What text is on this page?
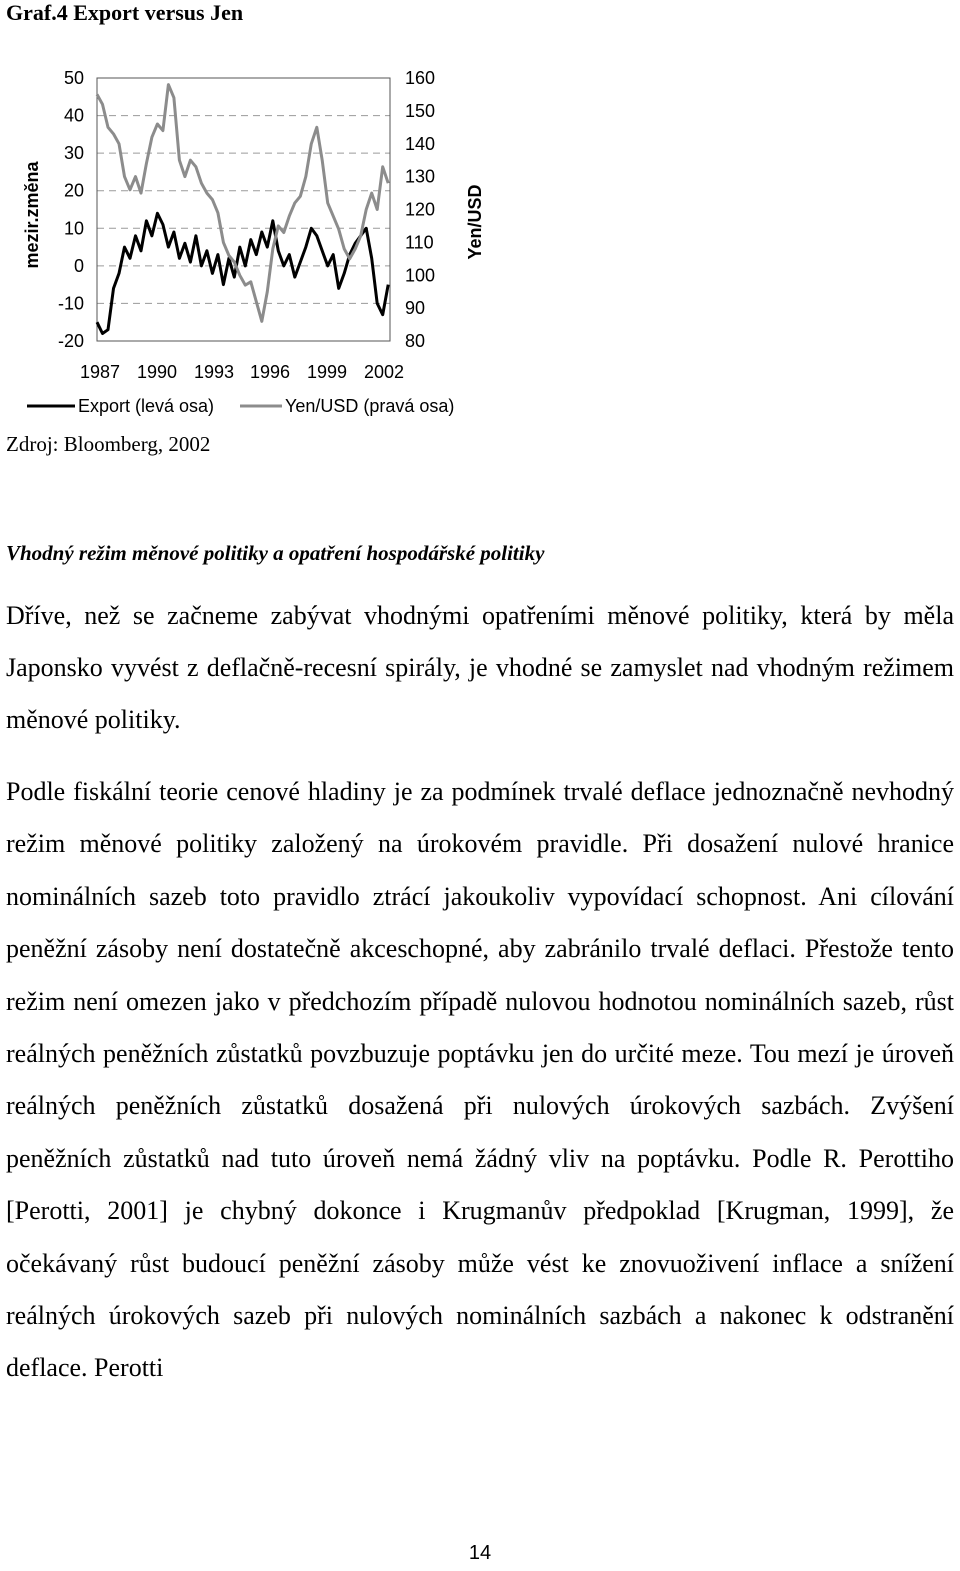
Graf.4 Export versus Jen
50
40
30
20
10
0
-10
-20
160
150
140
130
120
110
100
90
80
1987 1990 1993 1996 1999 2002
mezir.změna	Yen/USD
Export (levá osa)	Yen/USD (pravá osa)
Zdroj: Bloomberg, 2002
Vhodný režim měnové politiky a opatření hospodářské politiky
Dříve, než se začneme zabývat vhodnými opatřeními měnové politiky, která by měla Japonsko vyvést z deflačně-recesní spirály, je vhodné se zamyslet nad vhodným režimem měnové politiky.
Podle fiskální teorie cenové hladiny je za podmínek trvalé deflace jednoznačně nevhodný režim měnové politiky založený na úrokovém pravidle. Při dosažení nulové hranice nominálních sazeb toto pravidlo ztrácí jakoukoliv vypovídací schopnost. Ani cílování peněžní zásoby není dostatečně akceschopné, aby zabránilo trvalé deflaci. Přestože tento režim není omezen jako v předchozím případě nulovou hodnotou nominálních sazeb, růst reálných peněžních zůstatků povzbuzuje poptávku jen do určité meze. Tou mezí je úroveň reálných peněžních zůstatků dosažená při nulových úrokových sazbách. Zvýšení peněžních zůstatků nad tuto úroveň nemá žádný vliv na poptávku. Podle R. Perottiho [Perotti, 2001] je chybný dokonce i Krugmanův předpoklad [Krugman, 1999], že očekávaný růst budoucí peněžní zásoby může vést ke znovuoživení inflace a snížení reálných úrokových sazeb při nulových nominálních sazbách a nakonec k odstranění deflace. Perotti
14
